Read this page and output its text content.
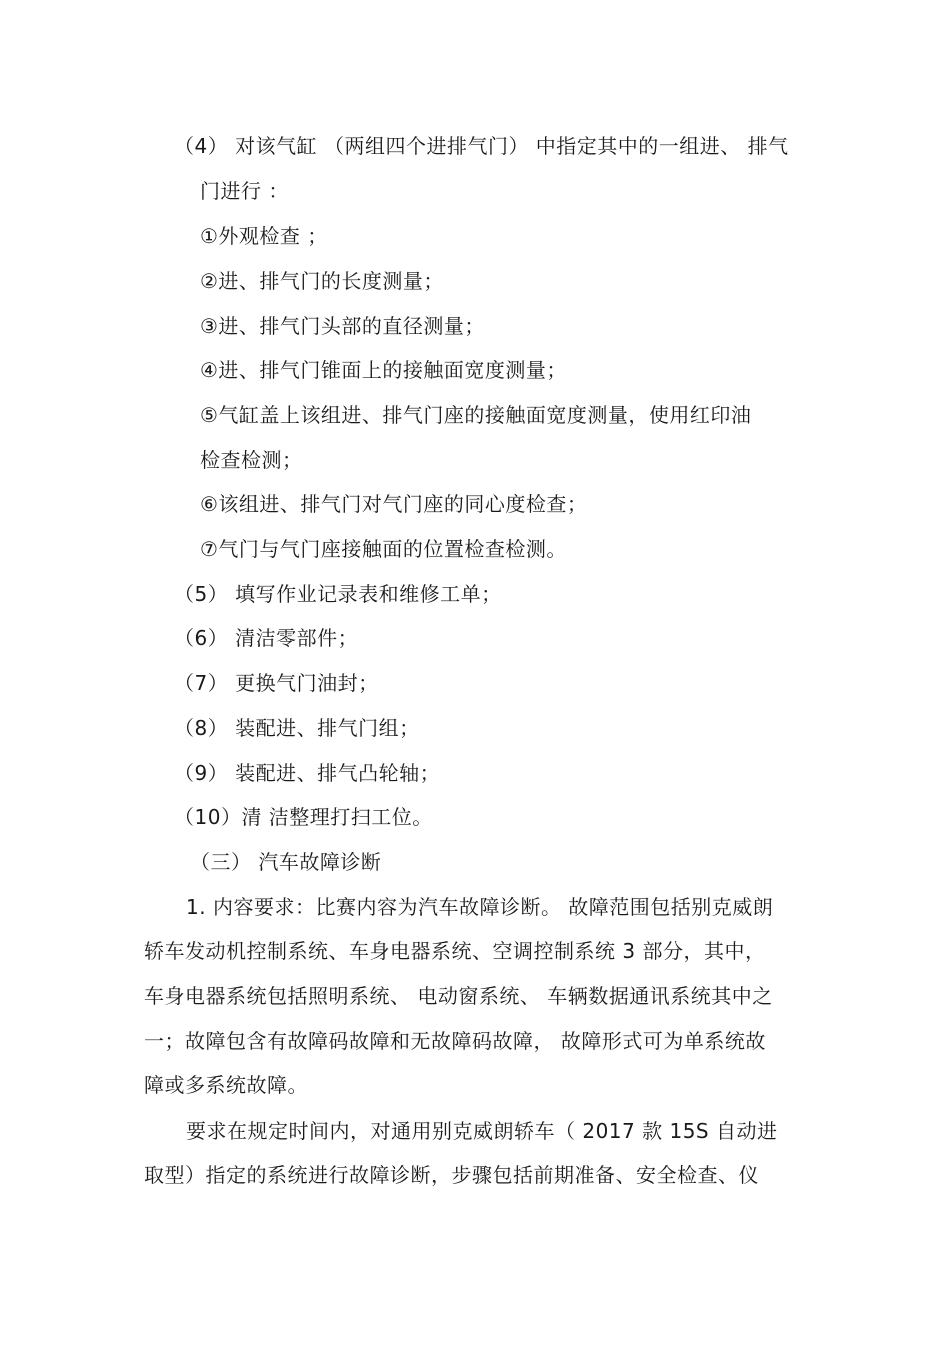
（4） 对该气缸 （两组四个进排气门） 中指定其中的一组进、 排气
门进行 ：
①外观检查 ；
②进、排气门的长度测量；
③进、排气门头部的直径测量；
④进、排气门锥面上的接触面宽度测量；
⑤气缸盖上该组进、排气门座的接触面宽度测量，使用红印油
检查检测；
⑥该组进、排气门对气门座的同心度检查；
⑦气门与气门座接触面的位置检查检测。
（5） 填写作业记录表和维修工单；
（6） 清洁零部件；
（7） 更换气门油封；
（8） 装配进、排气门组；
（9） 装配进、排气凸轮轴；
（10）清 洁整理打扫工位。
（三） 汽车故障诊断
1. 内容要求：比赛内容为汽车故障诊断。 故障范围包括别克威朗
轿车发动机控制系统、车身电器系统、空调控制系统 3 部分，其中，
车身电器系统包括照明系统、 电动窗系统、 车辆数据通讯系统其中之
一；故障包含有故障码故障和无故障码故障， 故障形式可为单系统故
障或多系统故障。
要求在规定时间内，对通用别克威朗轿车（ 2017 款 15S 自动进
取型）指定的系统进行故障诊断，步骤包括前期准备、安全检查、仪
